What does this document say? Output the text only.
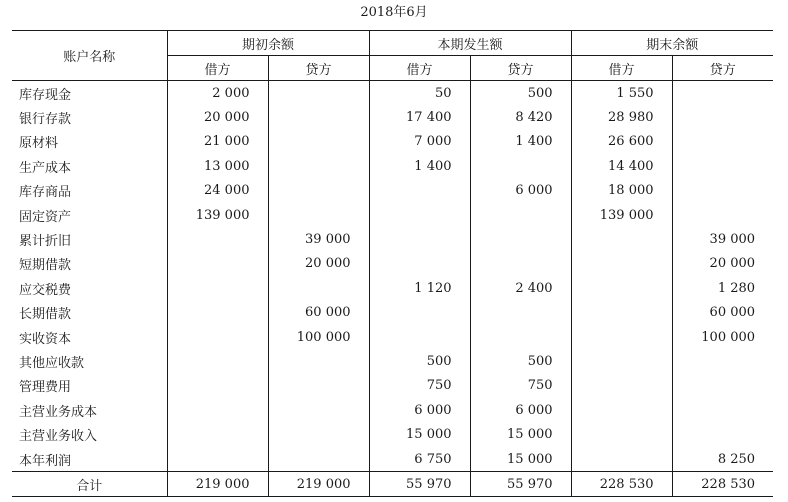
2018年6月
账户名称	期初余额		本期发生额		期末余额	
	借方	贷方	借方	贷方	借方	贷方
库存现金	2 000		50	500	1 550	
银行存款	20 000		17 400	8 420	28 980	
原材料	21 000		7 000	1 400	26 600	
生产成本	13 000		1 400		14 400	
库存商品	24 000			6 000	18 000	
固定资产	139 000				139 000	
累计折旧		39 000				39 000
短期借款		20 000				20 000
应交税费			1 120	2 400		1 280
长期借款		60 000				60 000
实收资本		100 000				100 000
其他应收款			500	500		
管理费用			750	750		
主营业务成本			6 000	6 000		
主营业务收入			15 000	15 000		
本年利润			6 750	15 000		8 250
合计	219 000	219 000	55 970	55 970	228 530	228 530
